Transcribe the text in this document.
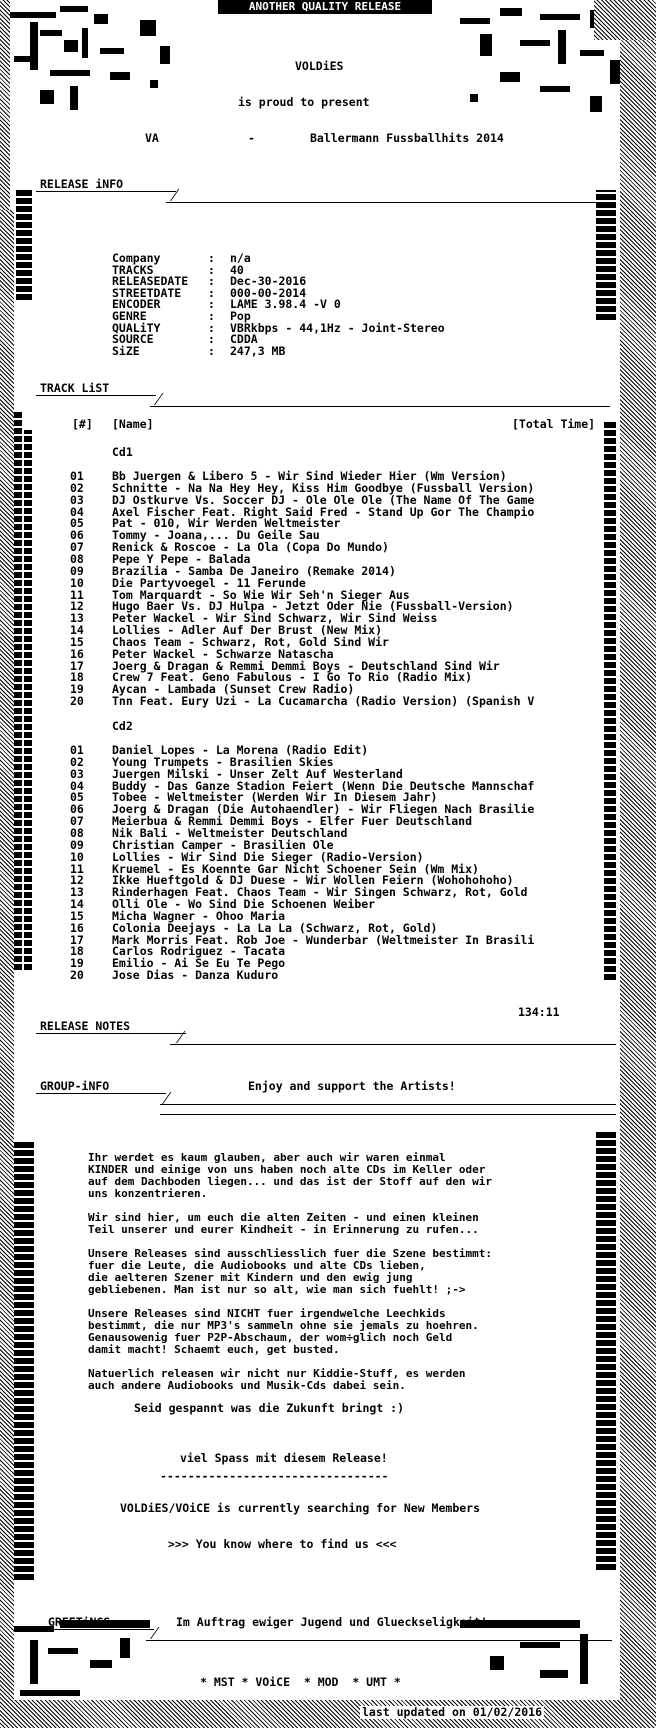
ANOTHER QUALITY RELEASE
VOLDiES
is proud to present
VA	-	Ballermann Fussballhits 2014
RELEASE iNFO
Company	: n/a
TRACKS	: 40
RELEASEDATE : Dec-30-2016
STREETDATE : 000-00-2014
ENCODER	: LAME 3.98.4 -V 0
GENRE	: Pop
QUALiTY	: VBRkbps - 44,1Hz - Joint-Stereo
SOURCE	: CDDA
SiZE	: 247,3 MB
TRACK LiST
[#] [Name]	[Total Time]
Cd1
01	Bb Juergen & Libero 5 - Wir Sind Wieder Hier (Wm Version)
02	Schnitte - Na Na Hey Hey, Kiss Him Goodbye (Fussball Version)
03	DJ Ostkurve Vs. Soccer DJ - Ole Ole Ole (The Name Of The Game
04	Axel Fischer Feat. Right Said Fred - Stand Up Gor The Champio
05	Pat - 010, Wir Werden Weltmeister
06	Tommy - Joana,... Du Geile Sau
07	Renick & Roscoe - La Ola (Copa Do Mundo)
08	Pepe Y Pepe - Balada
09	Brazilia - Samba De Janeiro (Remake 2014)
10	Die Partyvoegel - 11 Ferunde
11	Tom Marquardt - So Wie Wir Seh'n Sieger Aus
12	Hugo Baer Vs. DJ Hulpa - Jetzt Oder Nie (Fussball-Version)
13	Peter Wackel - Wir Sind Schwarz, Wir Sind Weiss
14	Lollies - Adler Auf Der Brust (New Mix)
15	Chaos Team - Schwarz, Rot, Gold Sind Wir
16	Peter Wackel - Schwarze Natascha
17	Joerg & Dragan & Remmi Demmi Boys - Deutschland Sind Wir
18	Crew 7 Feat. Geno Fabulous - I Go To Rio (Radio Mix)
19	Aycan - Lambada (Sunset Crew Radio)
20	Tnn Feat. Eury Uzi - La Cucamarcha (Radio Version) (Spanish V
Cd2
01	Daniel Lopes - La Morena (Radio Edit)
02	Young Trumpets - Brasilien Skies
03	Juergen Milski - Unser Zelt Auf Westerland
04	Buddy - Das Ganze Stadion Feiert (Wenn Die Deutsche Mannschaf
05	Tobee - Weltmeister (Werden Wir In Diesem Jahr)
06	Joerg & Dragan (Die Autohaendler) - Wir Fliegen Nach Brasilie
07	Meierbua & Remmi Demmi Boys - Elfer Fuer Deutschland
08	Nik Bali - Weltmeister Deutschland
09	Christian Camper - Brasilien Ole
10	Lollies - Wir Sind Die Sieger (Radio-Version)
11	Kruemel - Es Koennte Gar Nicht Schoener Sein (Wm Mix)
12	Ikke Hueftgold & DJ Duese - Wir Wollen Feiern (Wohohohoho)
13	Rinderhagen Feat. Chaos Team - Wir Singen Schwarz, Rot, Gold
14	Olli Ole - Wo Sind Die Schoenen Weiber
15	Micha Wagner - Ohoo Maria
16	Colonia Deejays - La La La (Schwarz, Rot, Gold)
17	Mark Morris Feat. Rob Joe - Wunderbar (Weltmeister In Brasili
18	Carlos Rodriguez - Tacata
19	Emilio - Ai Se Eu Te Pego
20	Jose Dias - Danza Kuduro
134:11
RELEASE NOTES
GROUP-iNFO	Enjoy and support the Artists!
Ihr werdet es kaum glauben, aber auch wir waren einmal
KINDER und einige von uns haben noch alte CDs im Keller oder
auf dem Dachboden liegen... und das ist der Stoff auf den wir
uns konzentrieren.
Wir sind hier, um euch die alten Zeiten - und einen kleinen
Teil unserer und eurer Kindheit - in Erinnerung zu rufen...
Unsere Releases sind ausschliesslich fuer die Szene bestimmt:
fuer die Leute, die Audiobooks und alte CDs lieben,
die aelteren Szener mit Kindern und den ewig jung
gebliebenen. Man ist nur so alt, wie man sich fuehlt! ;->
Unsere Releases sind NICHT fuer irgendwelche Leechkids
bestimmt, die nur MP3's sammeln ohne sie jemals zu hoehren.
Genausowenig fuer P2P-Abschaum, der wom÷glich noch Geld
damit macht! Schaemt euch, get busted.
Natuerlich releasen wir nicht nur Kiddie-Stuff, es werden
auch andere Audiobooks und Musik-Cds dabei sein.
Seid gespannt was die Zukunft bringt :)
viel Spass mit diesem Release!
---------------------------------
VOLDiES/VOiCE is currently searching for New Members
>>> You know where to find us <<<
GREETiNGS	Im Auftrag ewiger Jugend und Glueckseligkeit!
* MST * VOiCE  * MOD  * UMT *
last updated on 01/02/2016
